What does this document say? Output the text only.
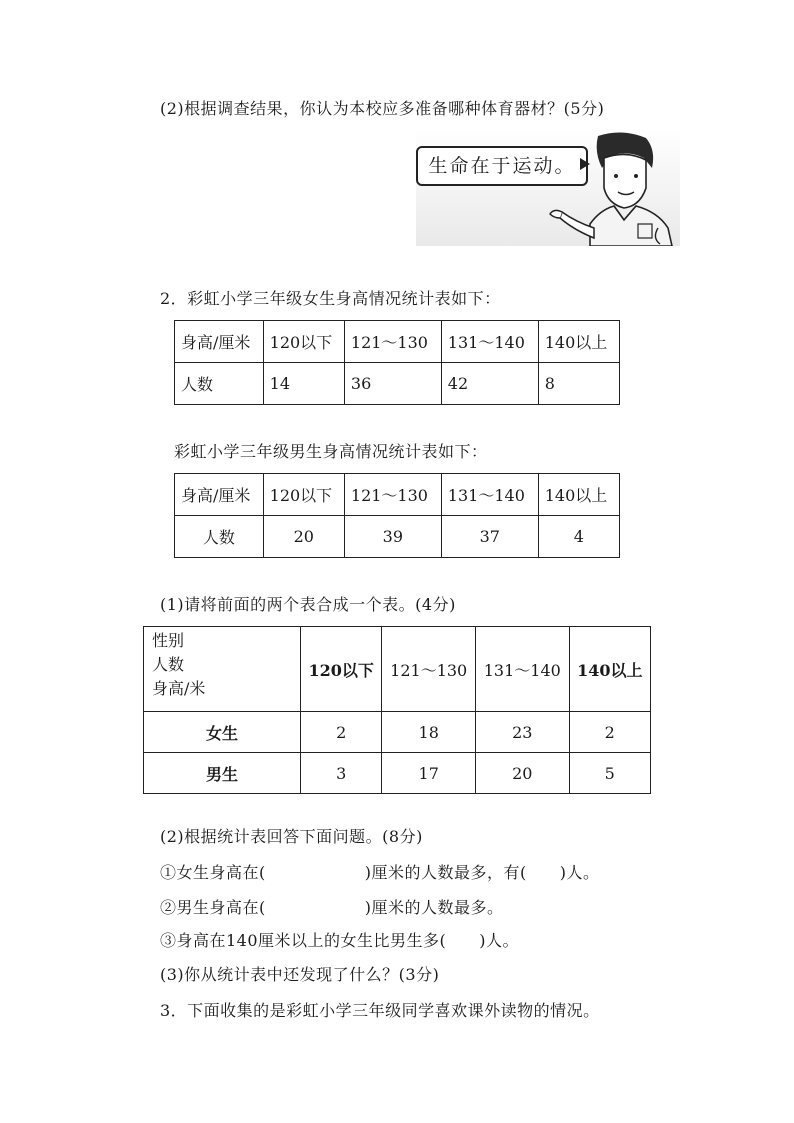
(2)根据调查结果，你认为本校应多准备哪种体育器材？(5分)
生命在于运动。
2．彩虹小学三年级女生身高情况统计表如下：
身高/厘米	120以下	121～130	131～140	140以上
人数	14	36	42	8
彩虹小学三年级男生身高情况统计表如下：
身高/厘米	120以下	121～130	131～140	140以上
人数	20	39	37	4
(1)请将前面的两个表合成一个表。(4分)
性别
人数
身高/米	120以下	121～130	131～140	140以上
女生	2	18	23	2
男生	3	17	20	5
(2)根据统计表回答下面问题。(8分)
①女生身高在(　　　　　　)厘米的人数最多，有(　　)人。
②男生身高在(　　　　　　)厘米的人数最多。
③身高在140厘米以上的女生比男生多(　　)人。
(3)你从统计表中还发现了什么？(3分)
3．下面收集的是彩虹小学三年级同学喜欢课外读物的情况。
